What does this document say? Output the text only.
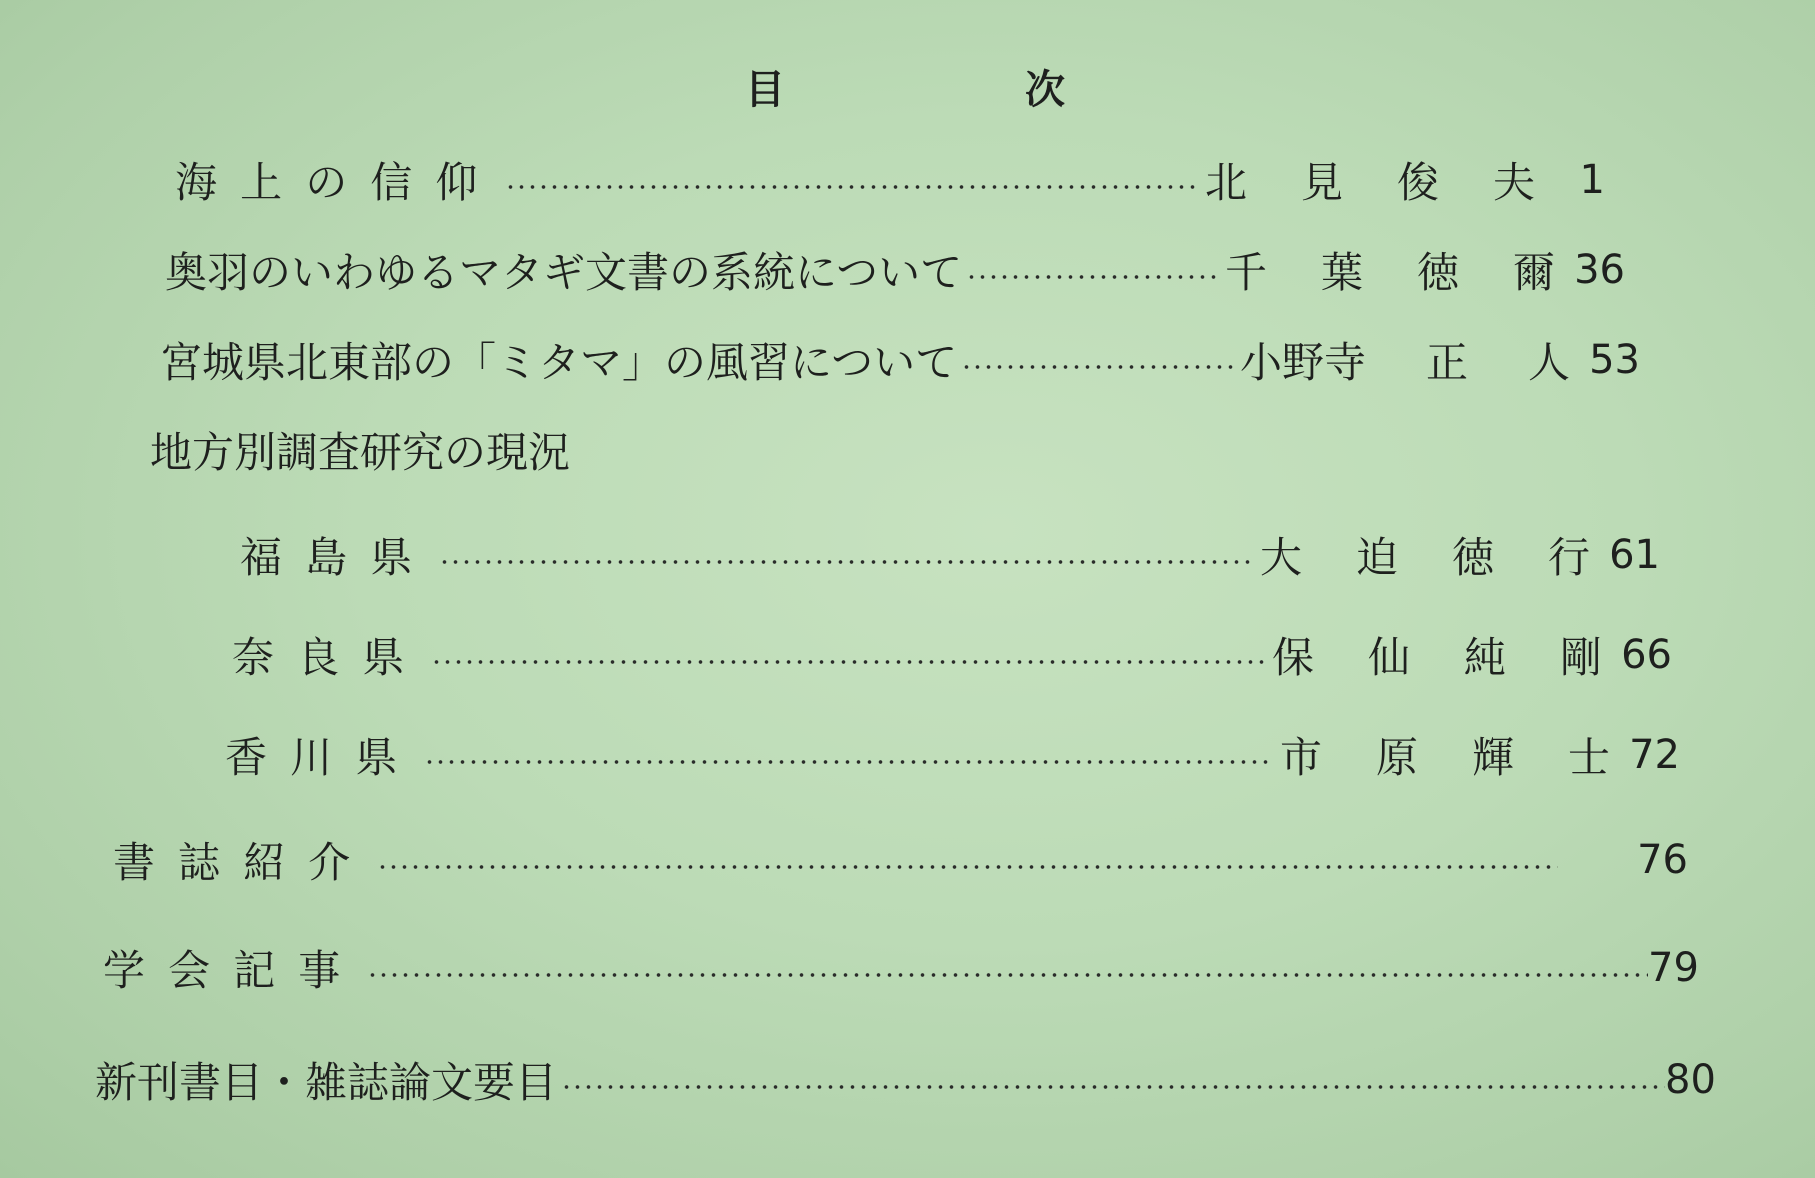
目	次
海上の信仰	北 見 俊 夫	1
奥羽のいわゆるマタギ文書の系統について	千 葉 徳 爾 36
宮城県北東部の「ミタマ」の風習について	小野寺 正 人 53
地方別調査研究の現況
福島県	大 迫 徳 行 61
奈良県	保 仙 純 剛 66
香川県	市 原 輝 士 72
書誌紹介	76
学会記事	79
新刊書目・雑誌論文要目	80
